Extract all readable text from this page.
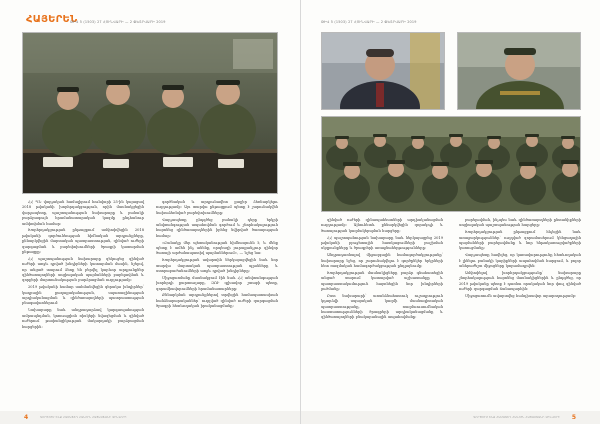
ՀԱՅԵՐԵՆ
ԹԻՎ 5 (1503) 27 ՀՈՒՆՎԱՐԻ — 2 ՓԵՏՐՎԱՐԻ 2019

ՀՀ ՊՆ վարչական համալիրում հունվարի 25-ին կայացավ 2018 թվականի խորհրդակցություն, որին մասնակցեցին վարչապետը, պաշտպանության նախարարը և բանակի բարձրագույն հրամանատարական կազմը ընդհանուր ամփոփման համար։

Խորհրդակցության ընթացքում ամփոփվեցին 2018 թվականի գործունեության հիմնական արդյունքները, քննարկվեցին մարտական պատրաստության, զինված ուժերի զարգացման և բարեփոխումների ծրագրի կատարման ընթացքը։

ՀՀ պաշտպանության նախարարը զեկուցեց զինված ուժերի առջև դրված խնդիրների կատարման մասին, նշելով, որ անցած տարում ձեռք են բերվել կարևոր արդյունքներ զինծառայողների սոցիալական պայմանների բարելավման և զորքերի մարտունակության բարձրացման ուղղությամբ։

2019 թվականի համար սահմանվեցին գերակա խնդիրներ՝ կադրային քաղաքականության, սպառազինության արդիականացման և զինծառայողների պատրաստության բնագավառներում։

Նախարարը նաև անդրադարձավ կարգապահության ամրապնդման, կոռուպցիոն ռիսկերի նվազեցման և զինված ուժերում թափանցիկության մակարդակի բարձրացման հարցերին։

գործնական և արդյունավետ քայլեր ձեռնարկելու ուղղությամբ։ Այս տարվա ընթացքում պետք է շարունակվեն նախաձեռնված բարեփոխումները։

Վարչապետը ընդգծեց բանակի դերը երկրի անվտանգության ապահովման գործում և շնորհակալություն հայտնեց զինծառայողներին իրենց նվիրված ծառայության համար։

«Բանակը մեր պետականության հիմնասյունն է, և մենք պետք է ամեն ինչ անենք, որպեսզի յուրաքանչյուր զինվոր ծառայի արժանապատիվ պայմաններում», — նշեց նա։

Խորհրդակցության ավարտին ներկայացվեցին նաև նոր տարվա մարտական պատրաստության պլանները և ստորաբաժանումների առջև դրված խնդիրները։

Միջոցառմանը մասնակցում էին նաև ՀՀ անվտանգության խորհրդի քարտուղարը, ԶՈՒ գլխավոր շտաբի պետը, զորամիավորումների հրամանատարները։

Քննարկման արդյունքներով տրվեցին համապատասխան հանձնարարականներ՝ ուղղված զինված ուժերի զարգացման ծրագրի հետևողական իրականացմանը։

4	ԳՈՐԾՈՒՄ ԵՆՔ ՀԱՄԱՏԵՂ ՀԱՆՈՒՆ ՀԱՅԱՍՏԱՆԻ ԶԻՆՎՈՐԻ
ԹԻՎ 5 (1503) 27 ՀՈՒՆՎԱՐԻ — 2 ՓԵՏՐՎԱՐԻ 2019

զինված ուժերի զինապահեստների արդիականացման ուղղությամբ։ Այնուհետև քննարկվեցին զորակոչի և ծառայության կազմակերպման հարցերը։

ՀՀ պաշտպանության նախարարը նաև ներկայացրեց 2019 թվականի բյուջետային հատկացումների բաշխման սկզբունքները և ծրագրերի առաջնահերթությունները։

Անդրադառնալով միջազգային համագործակցությանը՝ նախարարը նշեց, որ շարունակվելու է գործընկեր երկրների հետ ռազմական համագործակցության ընդլայնումը։

Խորհրդակցության մասնակիցները բարձր գնահատեցին անցած տարում կատարված աշխատանքը և պատրաստակամություն հայտնեցին նոր խնդիրների լուծմանը։

Ըստ նախարարի՝ առանձնահատուկ ուշադրություն կդարձվի սպայական կազմի մասնագիտական պատրաստությանը, ռազմաուսումնական հաստատությունների ծրագրերի արդիականացմանը և զինծառայողների բնակարանային ապահովմանը։

բարելավման, ինչպես նաև զինծառայողների ընտանիքների սոցիալական պաշտպանության հարցերը։

Խորհրդակցության ընթացքում հնչեցին նաև առաջարկություններ՝ ուղղված զորամասերում կենցաղային պայմանների բարելավմանը և նոր ենթակառուցվածքների կառուցմանը։

Վարչապետը հավելեց, որ կառավարությունը հետևողական է լինելու բանակի կարիքների ապահովման հարցում, և բոլոր անհրաժեշտ միջոցները կտրամադրվեն։

Ամփոփելով խորհրդակցությունը՝ նախարարը շնորհակալություն հայտնեց մասնակիցներին և ընդգծեց, որ 2019 թվականը պետք է դառնա որակական նոր փուլ զինված ուժերի զարգացման ճանապարհին։

Միջոցառումն ավարտվեց հանդիսավոր արարողությամբ։

5
ԳՈՐԾՈՒՄ ԵՆՔ ՀԱՄԱՏԵՂ ՀԱՆՈՒՆ ՀԱՅԱՍՏԱՆԻ ԶԻՆՎՈՐԻ
